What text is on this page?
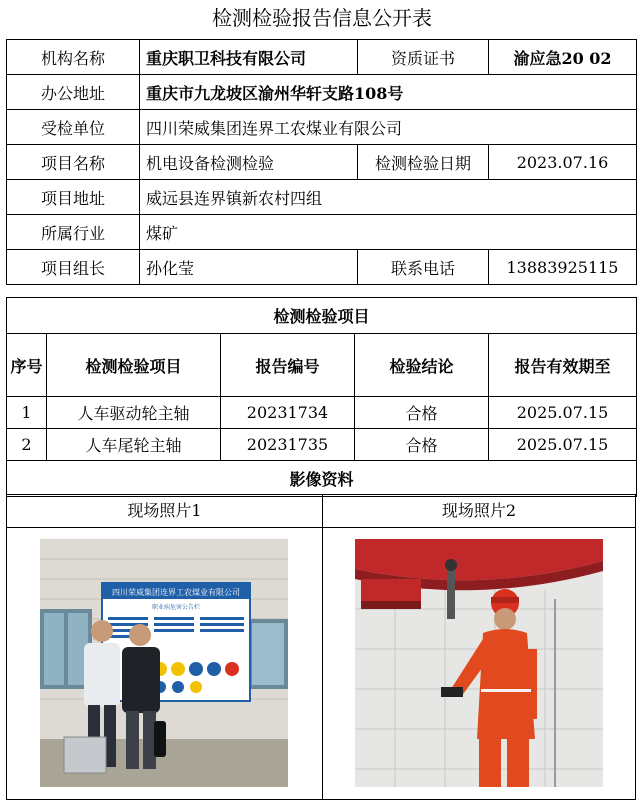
检测检验报告信息公开表
机构名称	重庆职卫科技有限公司	资质证书	渝应急20 02
办公地址	重庆市九龙坡区渝州华轩支路108号		
受检单位	四川荣威集团连界工农煤业有限公司		
项目名称	机电设备检测检验	检测检验日期	2023.07.16
项目地址	威远县连界镇新农村四组		
所属行业	煤矿		
项目组长	孙化莹	联系电话	13883925115
检测检验项目				
序号	检测检验项目	报告编号	检验结论	报告有效期至
1	人车驱动轮主轴	20231734	合格	2025.07.15
2	人车尾轮主轴	20231735	合格	2025.07.15
影像资料				
现场照片1
四川荣威集团连界工农煤业有限公司
职业病危害公告栏
现场照片2
